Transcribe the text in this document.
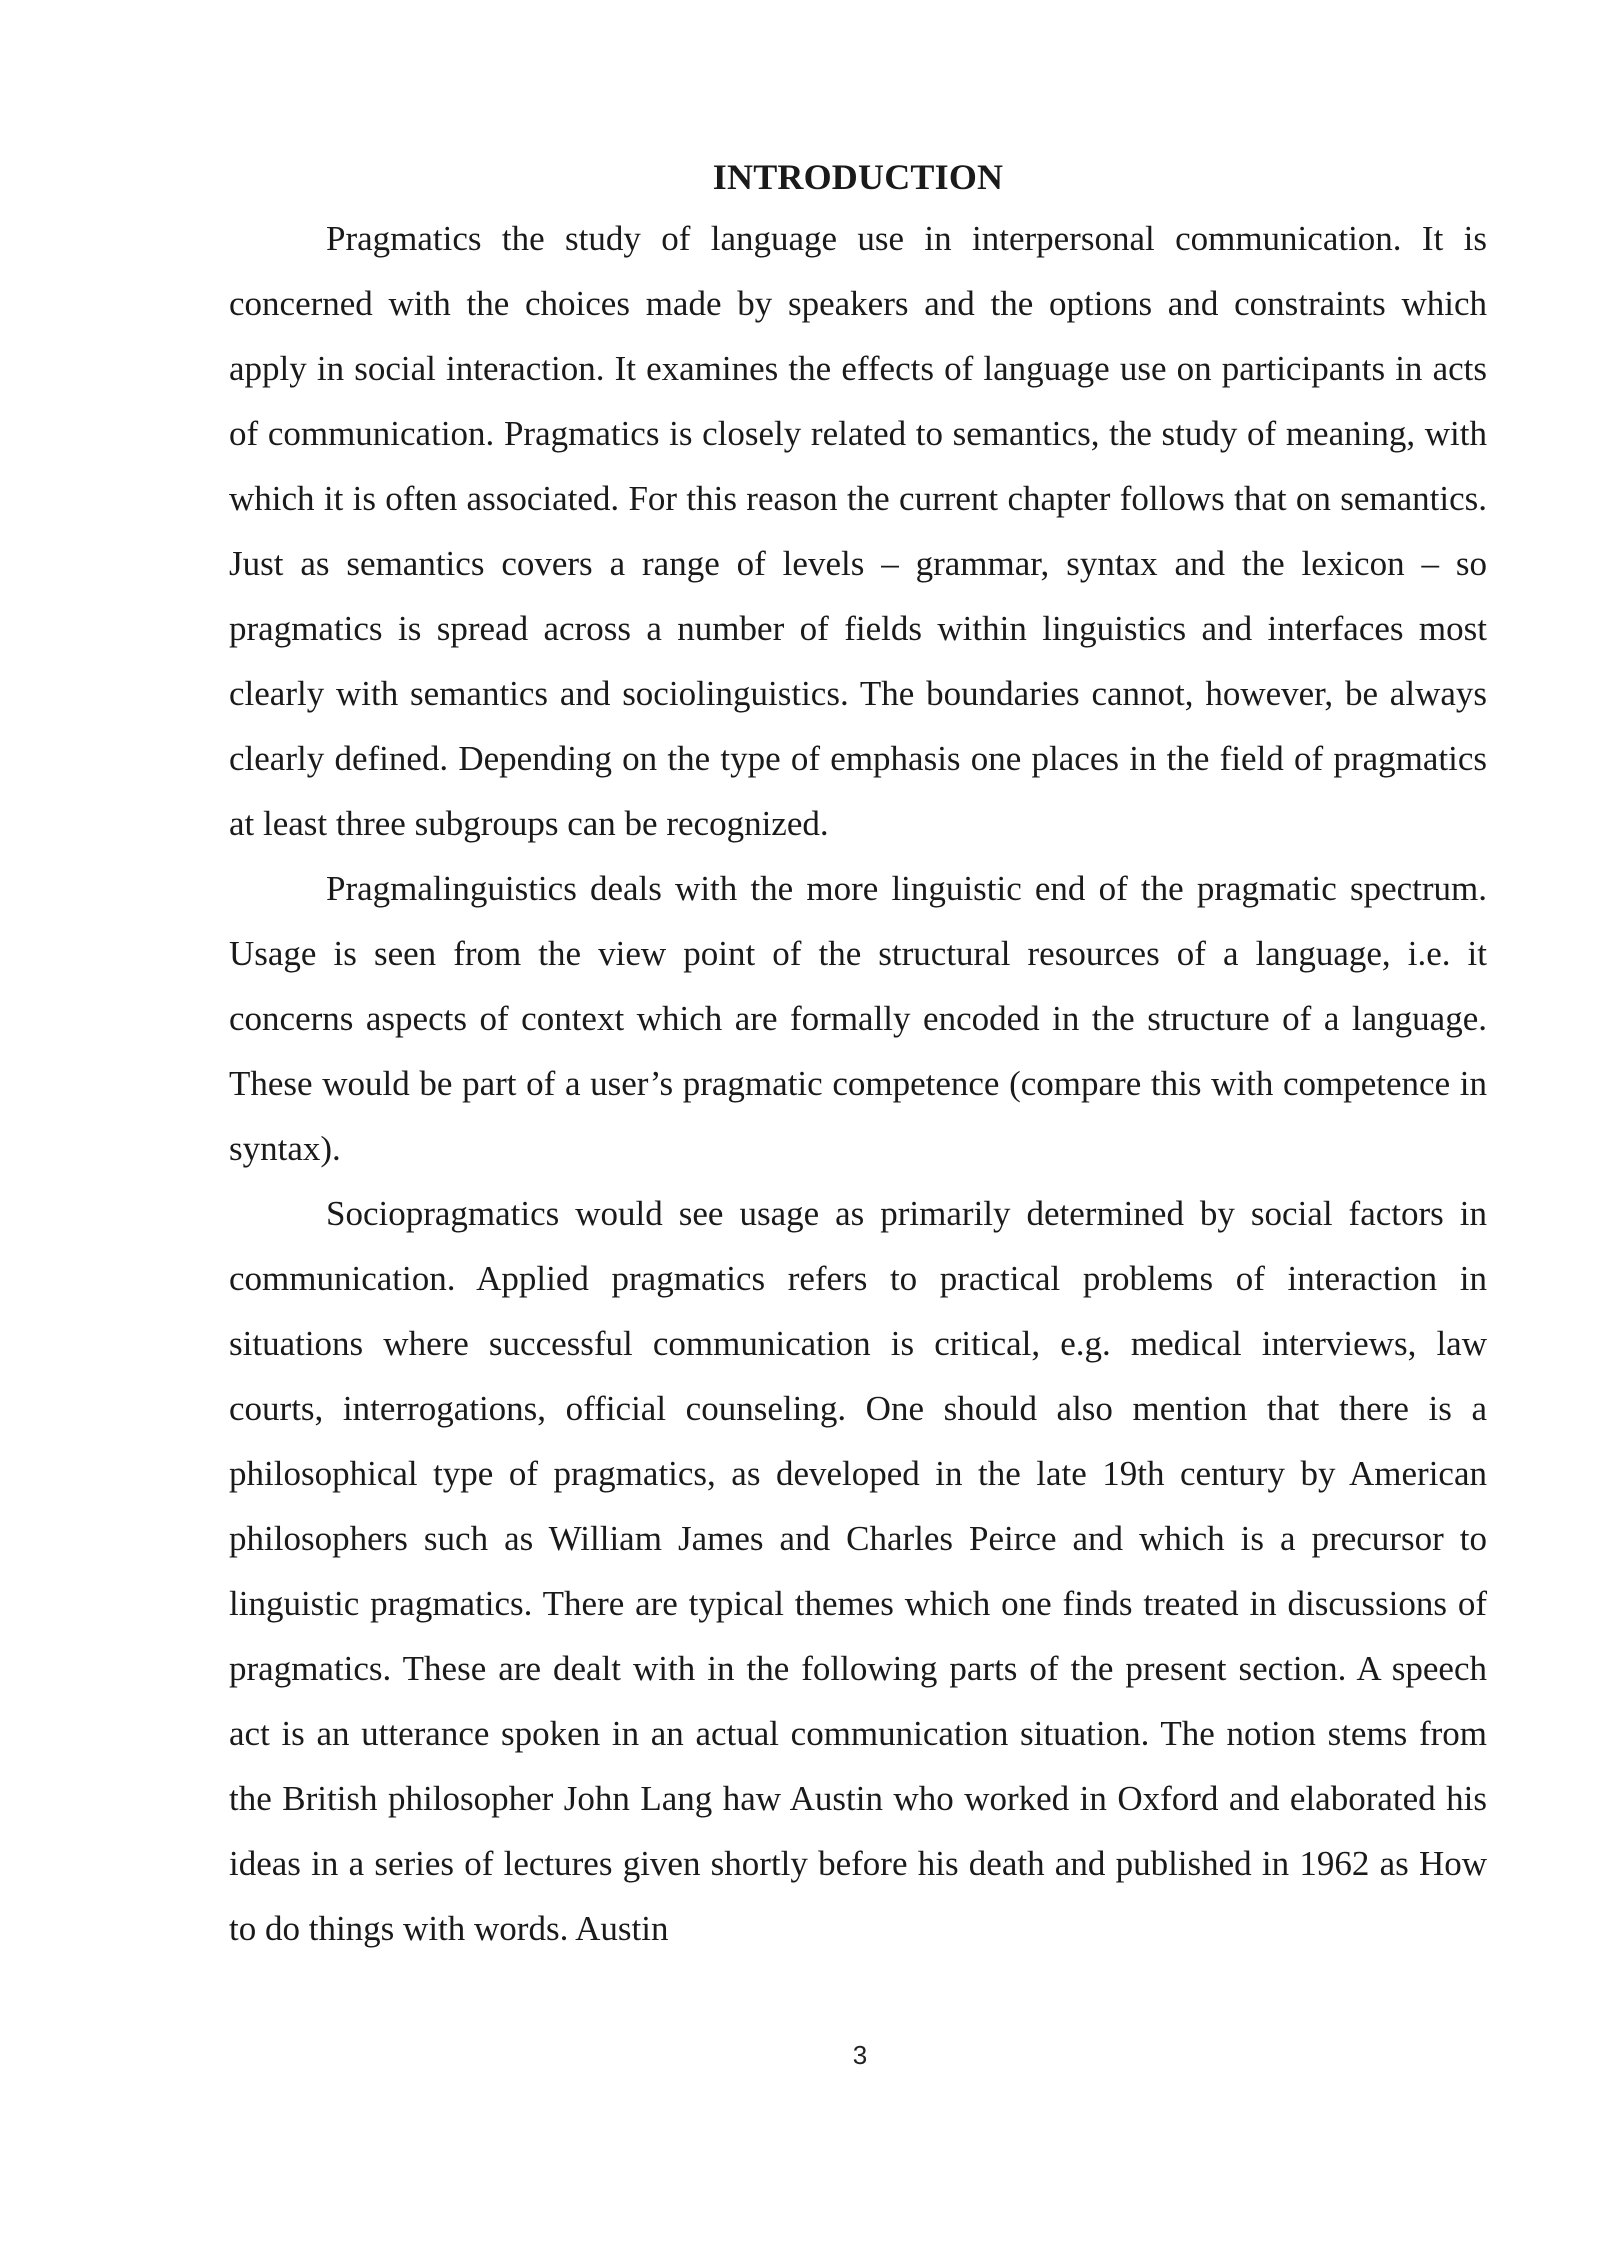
INTRODUCTION

Pragmatics the study of language use in interpersonal communication. It is concerned with the choices made by speakers and the options and constraints which apply in social interaction. It examines the effects of language use on participants in acts of communication. Pragmatics is closely related to semantics, the study of meaning, with which it is often associated. For this reason the current chapter follows that on semantics. Just as semantics covers a range of levels – grammar, syntax and the lexicon – so pragmatics is spread across a number of fields within linguistics and interfaces most clearly with semantics and sociolinguistics. The boundaries cannot, however, be always clearly defined. Depending on the type of emphasis one places in the field of pragmatics at least three subgroups can be recognized.

Pragmalinguistics deals with the more linguistic end of the pragmatic spectrum. Usage is seen from the view point of the structural resources of a language, i.e. it concerns aspects of context which are formally encoded in the structure of a language. These would be part of a user’s pragmatic competence (compare this with competence in syntax).

Sociopragmatics would see usage as primarily determined by social factors in communication. Applied pragmatics refers to practical problems of interaction in situations where successful communication is critical, e.g. medical interviews, law courts, interrogations, official counseling. One should also mention that there is a philosophical type of pragmatics, as developed in the late 19th century by American philosophers such as William James and Charles Peirce and which is a precursor to linguistic pragmatics. There are typical themes which one finds treated in discussions of pragmatics. These are dealt with in the following parts of the present section. A speech act is an utterance spoken in an actual communication situation. The notion stems from the British philosopher John Lang haw Austin who worked in Oxford and elaborated his ideas in a series of lectures given shortly before his death and published in 1962 as How to do things with words. Austin

3
